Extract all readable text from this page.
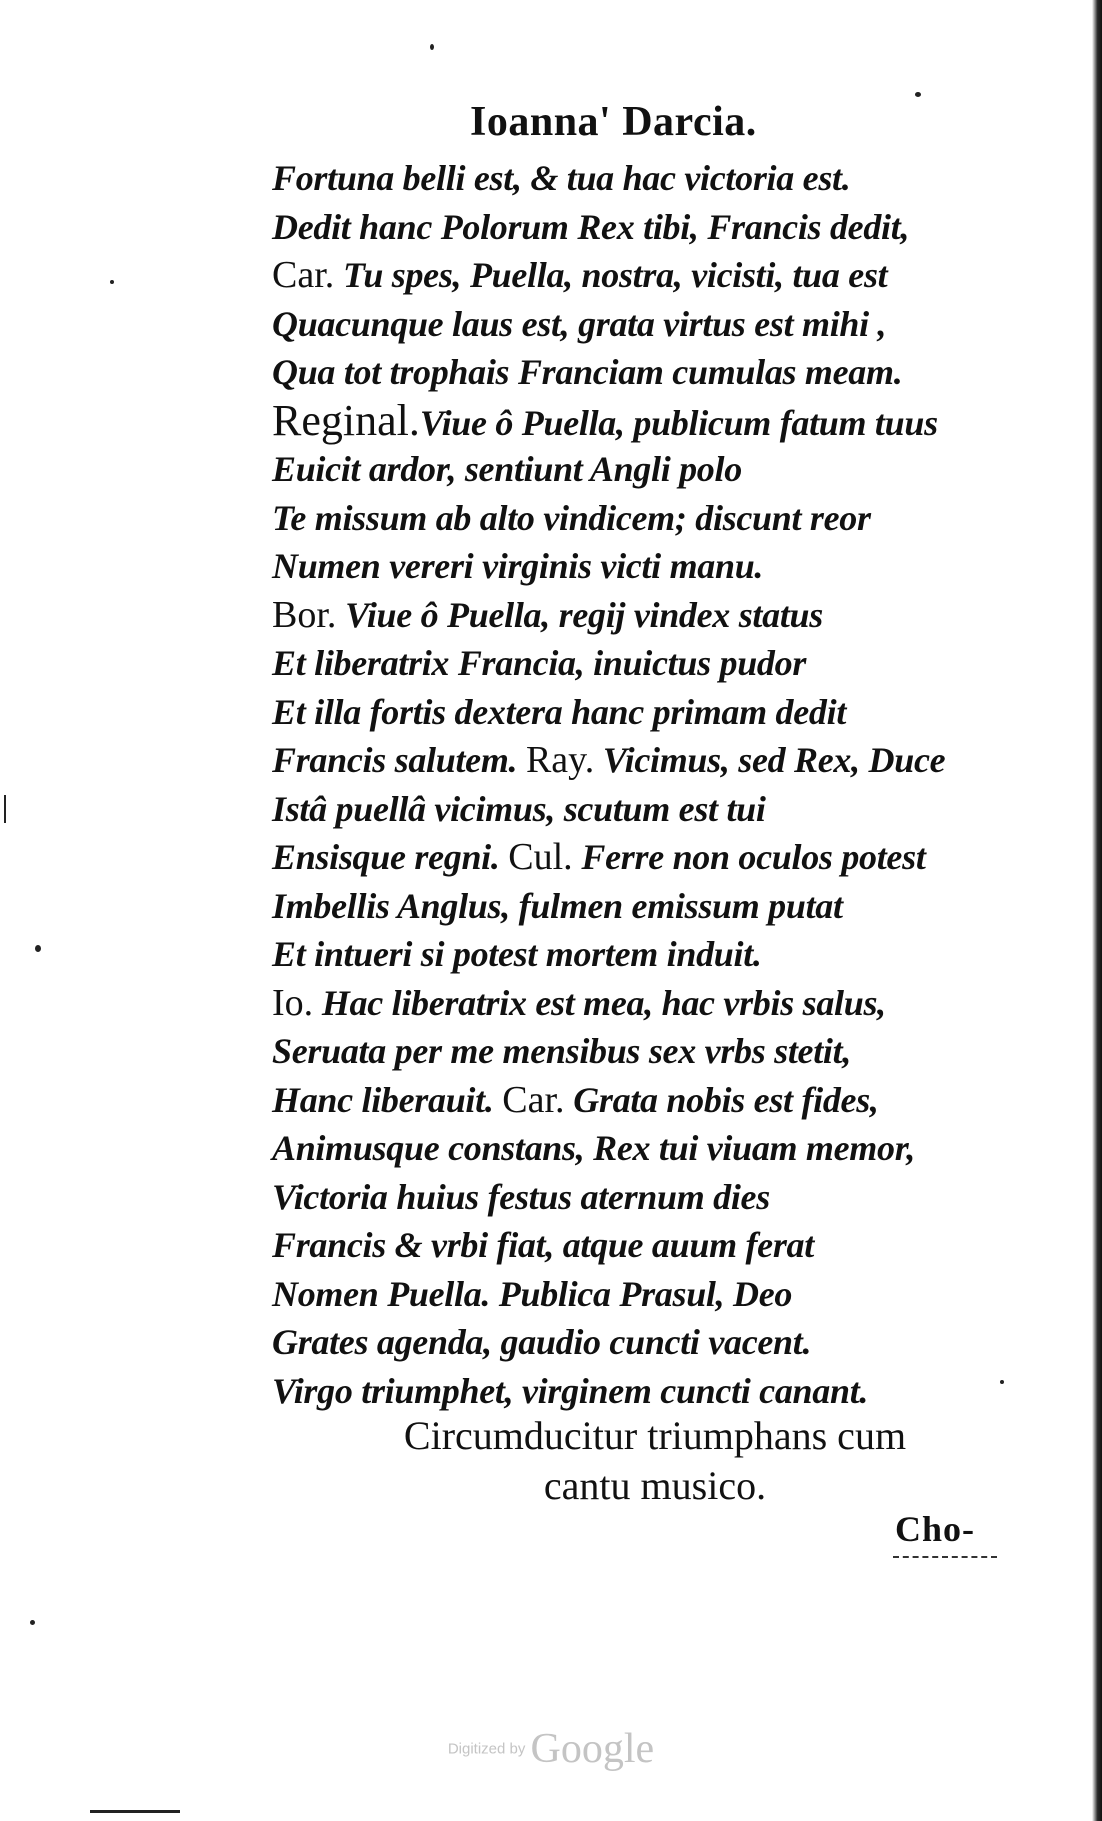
Ioanna' Darcia.
Fortuna belli est, & tua hac victoria est.
Dedit hanc Polorum Rex tibi, Francis dedit,
Car. Tu spes, Puella, nostra, vicisti, tua est
Quacunque laus est, grata virtus est mihi ,
Qua tot trophais Franciam cumulas meam.
Reginal.Viue ô Puella, publicum fatum tuus
Euicit ardor, sentiunt Angli polo
Te missum ab alto vindicem; discunt reor
Numen vereri virginis victi manu.
Bor. Viue ô Puella, regij vindex status
Et liberatrix Francia, inuictus pudor
Et illa fortis dextera hanc primam dedit
Francis salutem. Ray. Vicimus, sed Rex, Duce
Istâ puellâ vicimus, scutum est tui
Ensisque regni. Cul. Ferre non oculos potest
Imbellis Anglus, fulmen emissum putat
Et intueri si potest mortem induit.
Io. Hac liberatrix est mea, hac vrbis salus,
Seruata per me mensibus sex vrbs stetit,
Hanc liberauit. Car. Grata nobis est fides,
Animusque constans, Rex tui viuam memor,
Victoria huius festus aternum dies
Francis & vrbi fiat, atque auum ferat
Nomen Puella. Publica Prasul, Deo
Grates agenda, gaudio cuncti vacent.
Virgo triumphet, virginem cuncti canant.
Circumducitur triumphans cum
cantu musico.
Cho-
Digitized by Google
